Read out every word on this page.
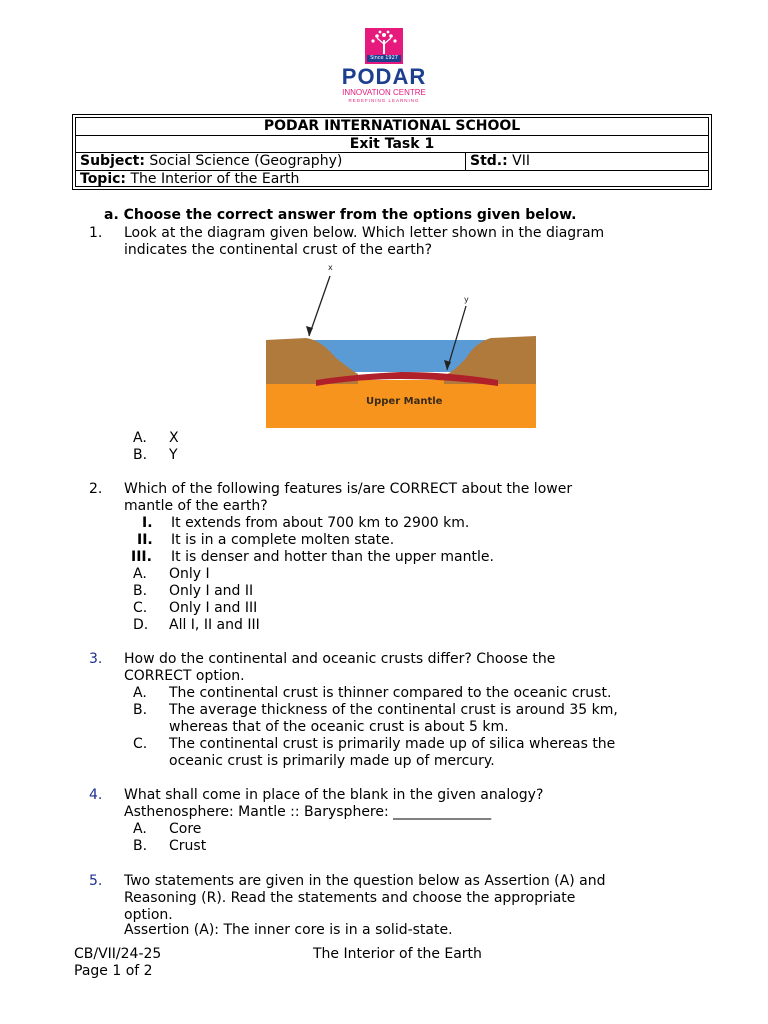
Since 1927
PODAR
INNOVATION CENTRE
REDEFINING LEARNING
PODAR INTERNATIONAL SCHOOL
Exit Task 1
Subject: Social Science (Geography)	Std.: VII
Topic: The Interior of the Earth
a. Choose the correct answer from the options given below.
1. Look at the diagram given below. Which letter shown in the diagram
indicates the continental crust of the earth?
x
y
Upper Mantle
A. X
B. Y
2. Which of the following features is/are CORRECT about the lower
mantle of the earth?
I. It extends from about 700 km to 2900 km.
II. It is in a complete molten state.
III. It is denser and hotter than the upper mantle.
A. Only I
B. Only I and II
C. Only I and III
D. All I, II and III
3. How do the continental and oceanic crusts differ? Choose the
CORRECT option.
A. The continental crust is thinner compared to the oceanic crust.
B. The average thickness of the continental crust is around 35 km,
whereas that of the oceanic crust is about 5 km.
C. The continental crust is primarily made up of silica whereas the
oceanic crust is primarily made up of mercury.
4. What shall come in place of the blank in the given analogy?
Asthenosphere: Mantle :: Barysphere: ______________
A. Core
B. Crust
5. Two statements are given in the question below as Assertion (A) and
Reasoning (R). Read the statements and choose the appropriate
option.
Assertion (A): The inner core is in a solid-state.
CB/VII/24-25	The Interior of the Earth
Page 1 of 2
